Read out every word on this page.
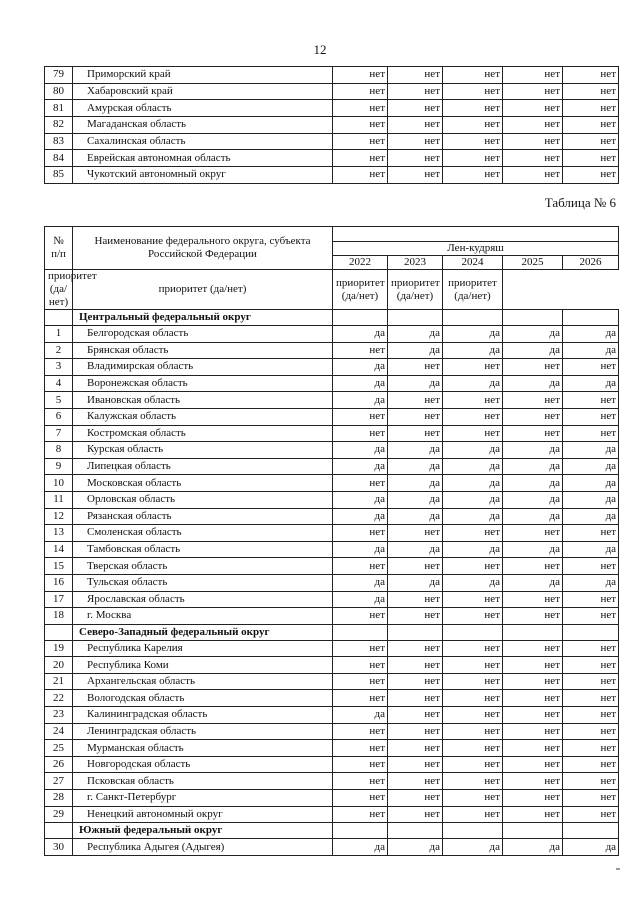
12
79	Приморский край	нет	нет	нет	нет	нет
80	Хабаровский край	нет	нет	нет	нет	нет
81	Амурская область	нет	нет	нет	нет	нет
82	Магаданская область	нет	нет	нет	нет	нет
83	Сахалинская область	нет	нет	нет	нет	нет
84	Еврейская автономная область	нет	нет	нет	нет	нет
85	Чукотский автономный округ	нет	нет	нет	нет	нет
Таблица № 6
№ п/п	Наименование федерального округа, субъекта Российской Федерации					
		Лен-кудряш				
		2022	2023	2024	2025	2026
приоритет (да/нет)	приоритет (да/нет)	приоритет (да/нет)	приоритет (да/нет)	приоритет (да/нет)		
	Центральный федеральный округ					
1	Белгородская область	да	да	да	да	да
2	Брянская область	нет	да	да	да	да
3	Владимирская область	да	нет	нет	нет	нет
4	Воронежская область	да	да	да	да	да
5	Ивановская область	да	нет	нет	нет	нет
6	Калужская область	нет	нет	нет	нет	нет
7	Костромская область	нет	нет	нет	нет	нет
8	Курская область	да	да	да	да	да
9	Липецкая область	да	да	да	да	да
10	Московская область	нет	да	да	да	да
11	Орловская область	да	да	да	да	да
12	Рязанская область	да	да	да	да	да
13	Смоленская область	нет	нет	нет	нет	нет
14	Тамбовская область	да	да	да	да	да
15	Тверская область	нет	нет	нет	нет	нет
16	Тульская область	да	да	да	да	да
17	Ярославская область	да	нет	нет	нет	нет
18	г. Москва	нет	нет	нет	нет	нет
	Северо-Западный федеральный округ					
19	Республика Карелия	нет	нет	нет	нет	нет
20	Республика Коми	нет	нет	нет	нет	нет
21	Архангельская область	нет	нет	нет	нет	нет
22	Вологодская область	нет	нет	нет	нет	нет
23	Калининградская область	да	нет	нет	нет	нет
24	Ленинградская область	нет	нет	нет	нет	нет
25	Мурманская область	нет	нет	нет	нет	нет
26	Новгородская область	нет	нет	нет	нет	нет
27	Псковская область	нет	нет	нет	нет	нет
28	г. Санкт-Петербург	нет	нет	нет	нет	нет
29	Ненецкий автономный округ	нет	нет	нет	нет	нет
	Южный федеральный округ					
30	Республика Адыгея (Адыгея)	да	да	да	да	да
